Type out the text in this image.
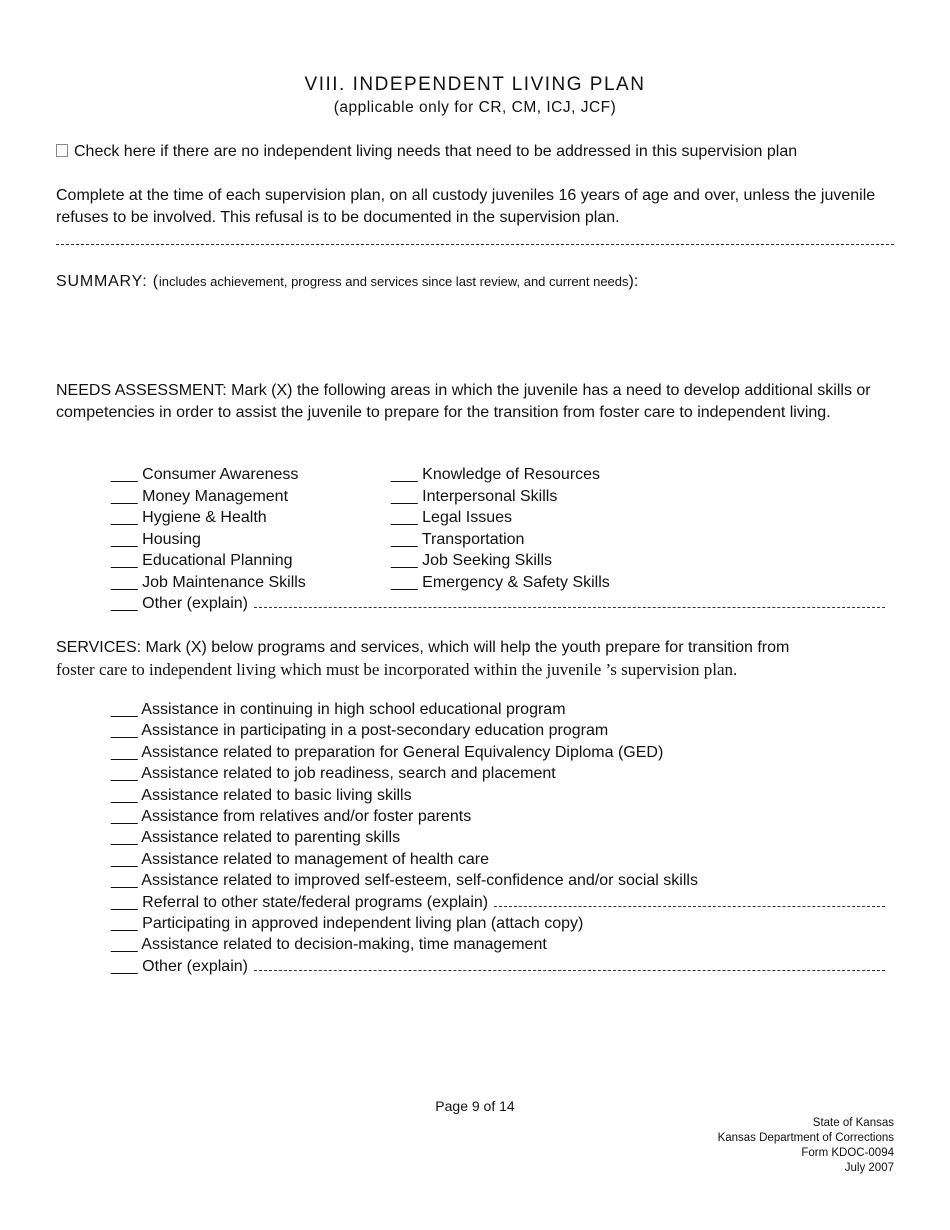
VIII. INDEPENDENT LIVING PLAN
(applicable only for CR, CM, ICJ, JCF)
Check here if there are no independent living needs that need to be addressed in this supervision plan
Complete at the time of each supervision plan, on all custody juveniles 16 years of age and over, unless the juvenile refuses to be involved. This refusal is to be documented in the supervision plan.
SUMMARY: (includes achievement, progress and services since last review, and current needs):
NEEDS ASSESSMENT: Mark (X) the following areas in which the juvenile has a need to develop additional skills or competencies in order to assist the juvenile to prepare for the transition from foster care to independent living.
___ Consumer Awareness
___ Money Management
___ Hygiene & Health
___ Housing
___ Educational Planning
___ Job Maintenance Skills
___ Knowledge of Resources
___ Interpersonal Skills
___ Legal Issues
___ Transportation
___ Job Seeking Skills
___ Emergency & Safety Skills
___ Other (explain)
SERVICES: Mark (X) below programs and services, which will help the youth prepare for transition from
foster care to independent living which must be incorporated within the juvenile ’s supervision plan.
___ Assistance in continuing in high school educational program
___ Assistance in participating in a post-secondary education program
___ Assistance related to preparation for General Equivalency Diploma (GED)
___ Assistance related to job readiness, search and placement
___ Assistance related to basic living skills
___ Assistance from relatives and/or foster parents
___ Assistance related to parenting skills
___ Assistance related to management of health care
___ Assistance related to improved self-esteem, self-confidence and/or social skills
___ Referral to other state/federal programs (explain)
___ Participating in approved independent living plan (attach copy)
___ Assistance related to decision-making, time management
___ Other (explain)
Page 9 of 14
State of Kansas
Kansas Department of Corrections
Form KDOC-0094
July 2007
